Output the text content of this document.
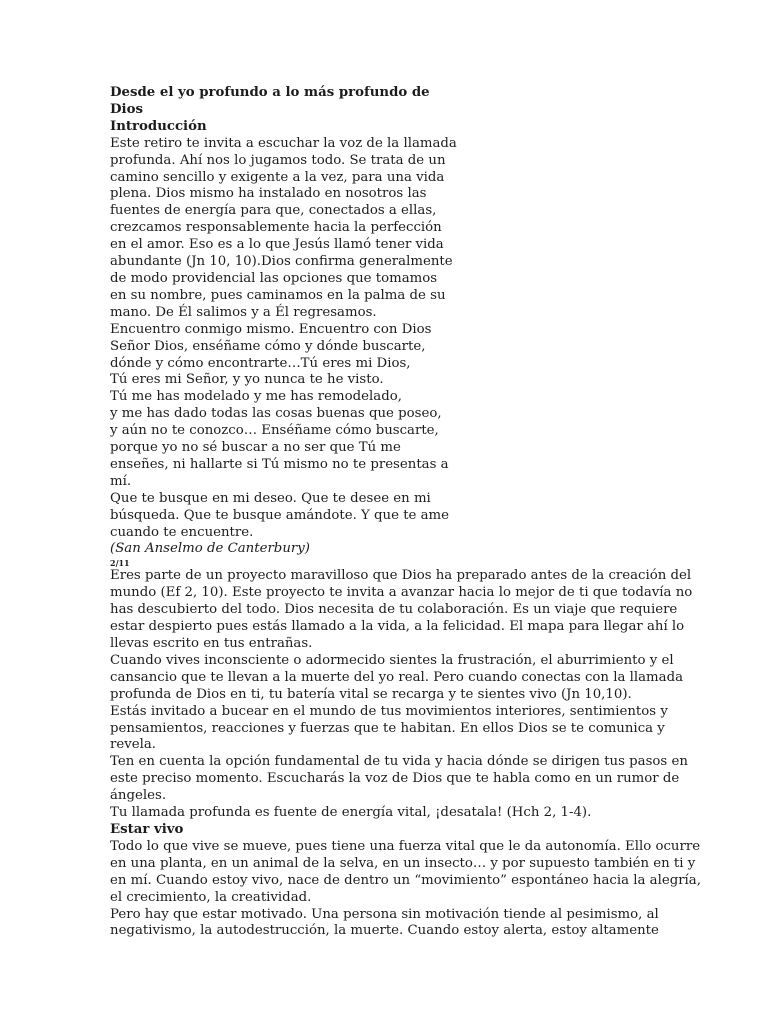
Desde el yo profundo a lo más profundo de
Dios
Introducción
Este retiro te invita a escuchar la voz de la llamada
profunda. Ahí nos lo jugamos todo. Se trata de un
camino sencillo y exigente a la vez, para una vida
plena. Dios mismo ha instalado en nosotros las
fuentes de energía para que, conectados a ellas,
crezcamos responsablemente hacia la perfección
en el amor. Eso es a lo que Jesús llamó tener vida
abundante (Jn 10, 10).Dios confirma generalmente
de modo providencial las opciones que tomamos
en su nombre, pues caminamos en la palma de su
mano. De Él salimos y a Él regresamos.
Encuentro conmigo mismo. Encuentro con Dios
Señor Dios, enséñame cómo y dónde buscarte,
dónde y cómo encontrarte…Tú eres mi Dios,
Tú eres mi Señor, y yo nunca te he visto.
Tú me has modelado y me has remodelado,
y me has dado todas las cosas buenas que poseo,
y aún no te conozco… Enséñame cómo buscarte,
porque yo no sé buscar a no ser que Tú me
enseñes, ni hallarte si Tú mismo no te presentas a
mí.
Que te busque en mi deseo. Que te desee en mi
búsqueda. Que te busque amándote. Y que te ame
cuando te encuentre.
(San Anselmo de Canterbury)
2/11
Eres parte de un proyecto maravilloso que Dios ha preparado antes de la creación del
mundo (Ef 2, 10). Este proyecto te invita a avanzar hacia lo mejor de ti que todavía no
has descubierto del todo. Dios necesita de tu colaboración. Es un viaje que requiere
estar despierto pues estás llamado a la vida, a la felicidad. El mapa para llegar ahí lo
llevas escrito en tus entrañas.
Cuando vives inconsciente o adormecido sientes la frustración, el aburrimiento y el
cansancio que te llevan a la muerte del yo real. Pero cuando conectas con la llamada
profunda de Dios en ti, tu batería vital se recarga y te sientes vivo (Jn 10,10).
Estás invitado a bucear en el mundo de tus movimientos interiores, sentimientos y
pensamientos, reacciones y fuerzas que te habitan. En ellos Dios se te comunica y
revela.
Ten en cuenta la opción fundamental de tu vida y hacia dónde se dirigen tus pasos en
este preciso momento. Escucharás la voz de Dios que te habla como en un rumor de
ángeles.
Tu llamada profunda es fuente de energía vital, ¡desatala! (Hch 2, 1-4).
Estar vivo
Todo lo que vive se mueve, pues tiene una fuerza vital que le da autonomía. Ello ocurre
en una planta, en un animal de la selva, en un insecto… y por supuesto también en ti y
en mí. Cuando estoy vivo, nace de dentro un “movimiento” espontáneo hacia la alegría,
el crecimiento, la creatividad.
Pero hay que estar motivado. Una persona sin motivación tiende al pesimismo, al
negativismo, la autodestrucción, la muerte. Cuando estoy alerta, estoy altamente
